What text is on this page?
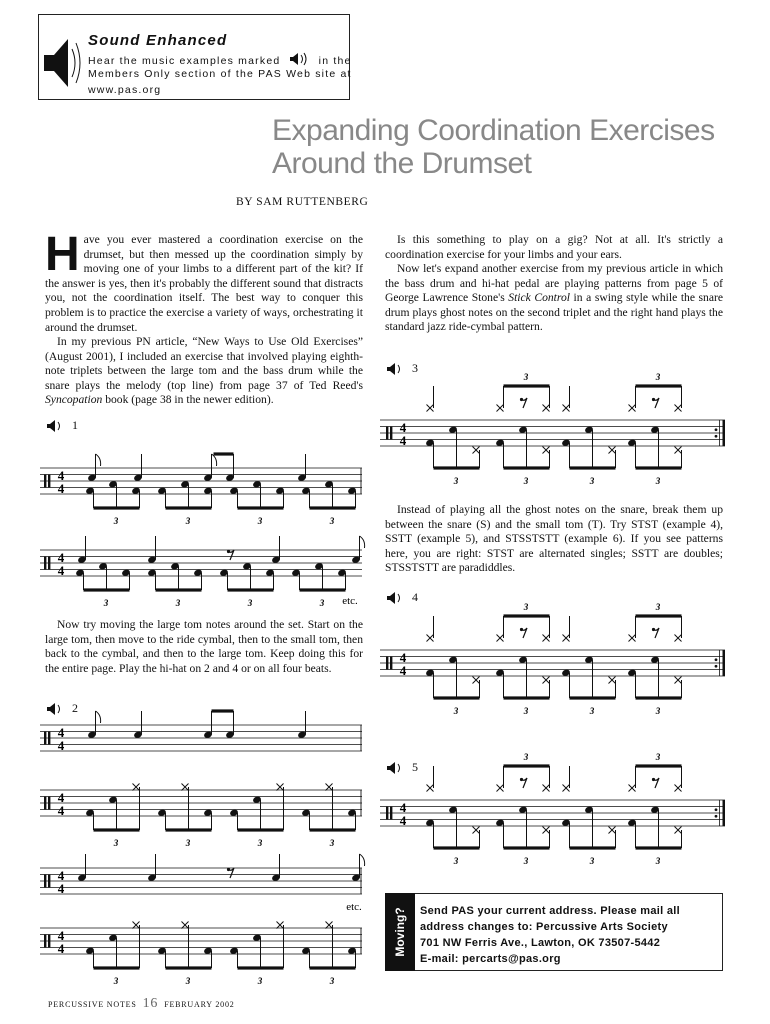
Sound Enhanced
Hear the music examples marked	in the
Members Only section of the PAS Web site at
www.pas.org
Expanding Coordination Exercises
Around the Drumset
BY SAM RUTTENBERG
Have you ever mastered a coordination exercise on the drumset, but then messed up the coordination simply by moving one of your limbs to a different part of the kit? If the answer is yes, then it's probably the different sound that distracts you, not the coordination itself. The best way to conquer this problem is to practice the exercise a variety of ways, orchestrating it around the drumset.
In my previous PN article, “New Ways to Use Old Exercises” (August 2001), I included an exercise that involved playing eighth-note triplets between the large tom and the bass drum while the snare plays the melody (top line) from page 37 of Ted Reed's Syncopation book (page 38 in the newer edition).
1
Now try moving the large tom notes around the set. Start on the large tom, then move to the ride cymbal, then to the small tom, then back to the cymbal, and then to the large tom. Keep doing this for the entire page. Play the hi-hat on 2 and 4 or on all four beats.
2
Is this something to play on a gig? Not at all. It's strictly a coordination exercise for your limbs and your ears.
Now let's expand another exercise from my previous article in which the bass drum and hi-hat pedal are playing patterns from page 5 of George Lawrence Stone's Stick Control in a swing style while the snare drum plays ghost notes on the second triplet and the right hand plays the standard jazz ride-cymbal pattern.
3
Instead of playing all the ghost notes on the snare, break them up between the snare (S) and the small tom (T). Try STST (example 4), SSTT (example 5), and STSSTSTT (example 6). If you see patterns here, you are right: STST are alternated singles; SSTT are doubles; STSSTSTT are paradiddles.
4
5
4
4
3	3	3	3
4
4
3	3	3	3 etc.
4
4
4
4
3	3	3	3
4
4
etc.
4
4
3	3	3	3
4
4
3
3
3	3
3
3
4
4
3
3
3	3
3
3
4
4
3
3
3	3
3
3
Moving? Send PAS your current address. Please mail all
address changes to: Percussive Arts Society
701 NW Ferris Ave., Lawton, OK 73507-5442
E-mail: percarts@pas.org
PERCUSSIVE NOTES 16 FEBRUARY 2002
